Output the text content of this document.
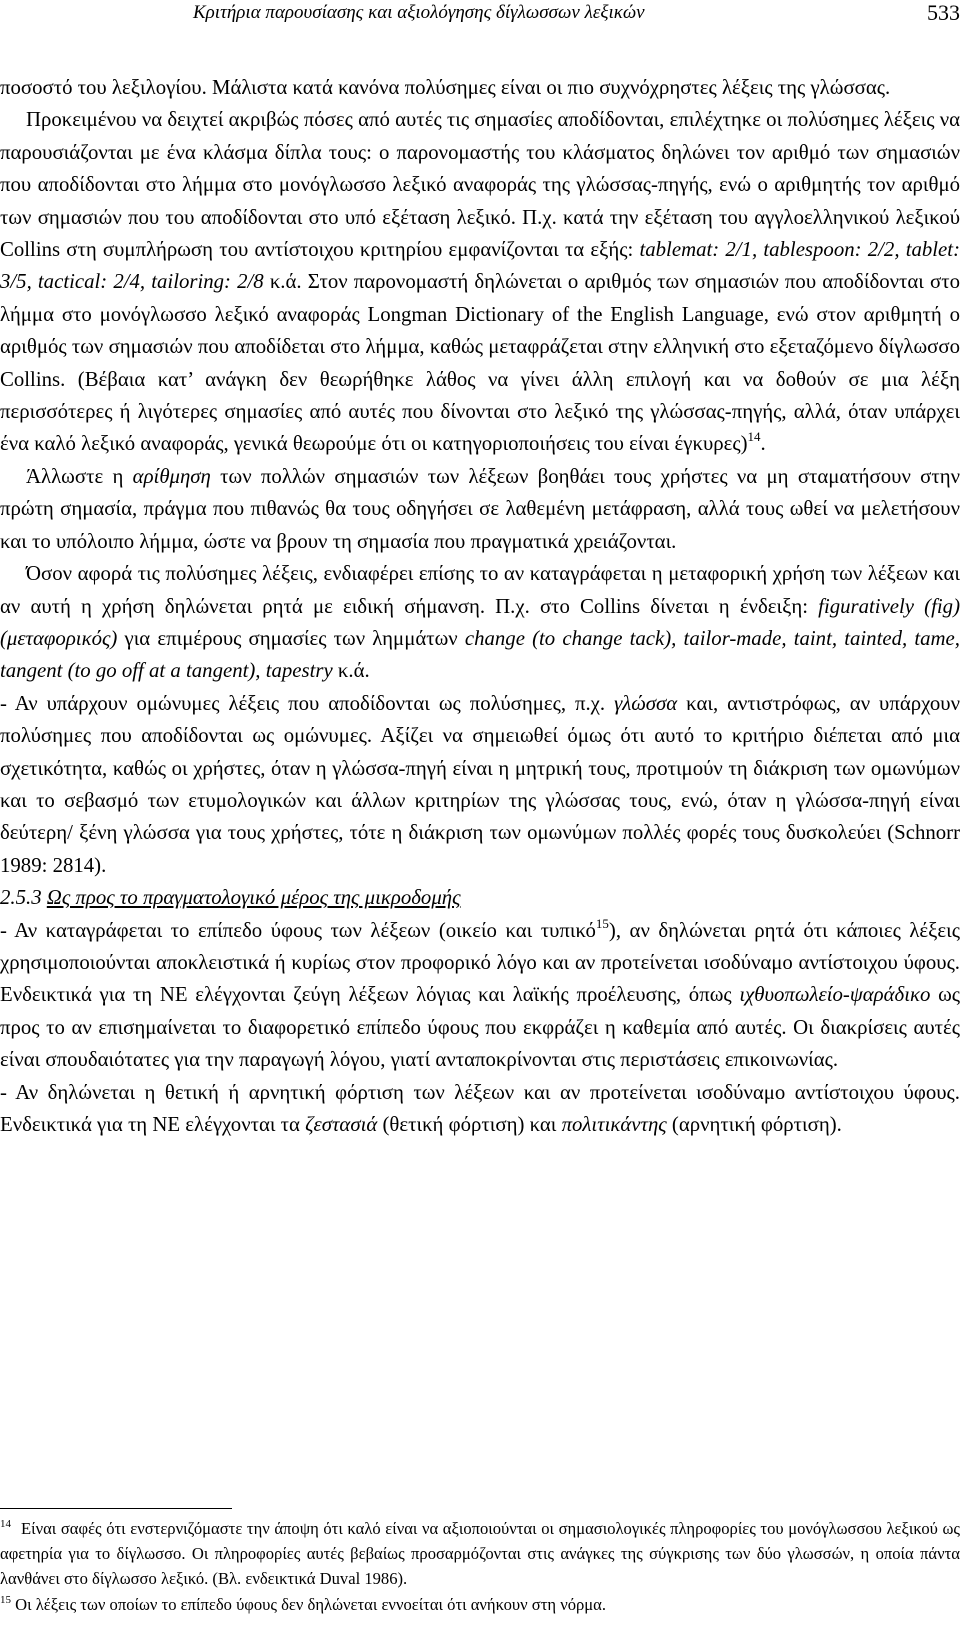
Κριτήρια παρουσίασης και αξιολόγησης δίγλωσσων λεξικών	533

ποσοστό του λεξιλογίου. Μάλιστα κατά κανόνα πολύσημες είναι οι πιο συχνόχρηστες λέξεις της γλώσσας.

Προκειμένου να δειχτεί ακριβώς πόσες από αυτές τις σημασίες αποδίδονται, επιλέχτηκε οι πολύσημες λέξεις να παρουσιάζονται με ένα κλάσμα δίπλα τους: ο παρονομαστής του κλάσματος δηλώνει τον αριθμό των σημασιών που αποδίδονται στο λήμμα στο μονόγλωσσο λεξικό αναφοράς της γλώσσας-πηγής, ενώ ο αριθμητής τον αριθμό των σημασιών που του αποδίδονται στο υπό εξέταση λεξικό. Π.χ. κατά την εξέταση του αγγλοελληνικού λεξικού Collins στη συμπλήρωση του αντίστοιχου κριτηρίου εμφανίζονται τα εξής: tablemat: 2/1, tablespoon: 2/2, tablet: 3/5, tactical: 2/4, tailoring: 2/8 κ.ά. Στον παρονομαστή δηλώνεται ο αριθμός των σημασιών που αποδίδονται στο λήμμα στο μονόγλωσσο λεξικό αναφοράς Longman Dictionary of the English Language, ενώ στον αριθμητή ο αριθμός των σημασιών που αποδίδεται στο λήμμα, καθώς μεταφράζεται στην ελληνική στο εξεταζόμενο δίγλωσσο Collins. (Βέβαια κατ’ ανάγκη δεν θεωρήθηκε λάθος να γίνει άλλη επιλογή και να δοθούν σε μια λέξη περισσότερες ή λιγότερες σημασίες από αυτές που δίνονται στο λεξικό της γλώσσας-πηγής, αλλά, όταν υπάρχει ένα καλό λεξικό αναφοράς, γενικά θεωρούμε ότι οι κατηγοριοποιήσεις του είναι έγκυρες)$^{14}$.

Άλλωστε η αρίθμηση των πολλών σημασιών των λέξεων βοηθάει τους χρήστες να μη σταματήσουν στην πρώτη σημασία, πράγμα που πιθανώς θα τους οδηγήσει σε λαθεμένη μετάφραση, αλλά τους ωθεί να μελετήσουν και το υπόλοιπο λήμμα, ώστε να βρουν τη σημασία που πραγματικά χρειάζονται.

Όσον αφορά τις πολύσημες λέξεις, ενδιαφέρει επίσης το αν καταγράφεται η μεταφορική χρήση των λέξεων και αν αυτή η χρήση δηλώνεται ρητά με ειδική σήμανση. Π.χ. στο Collins δίνεται η ένδειξη: figuratively (fig) (μεταφορικός) για επιμέρους σημασίες των λημμάτων change (to change tack), tailor-made, taint, tainted, tame, tangent (to go off at a tangent), tapestry κ.ά.

- Αν υπάρχουν ομώνυμες λέξεις που αποδίδονται ως πολύσημες, π.χ. γλώσσα και, αντιστρόφως, αν υπάρχουν πολύσημες που αποδίδονται ως ομώνυμες. Αξίζει να σημειωθεί όμως ότι αυτό το κριτήριο διέπεται από μια σχετικότητα, καθώς οι χρήστες, όταν η γλώσσα-πηγή είναι η μητρική τους, προτιμούν τη διάκριση των ομωνύμων και το σεβασμό των ετυμολογικών και άλλων κριτηρίων της γλώσσας τους, ενώ, όταν η γλώσσα-πηγή είναι δεύτερη/ ξένη γλώσσα για τους χρήστες, τότε η διάκριση των ομωνύμων πολλές φορές τους δυσκολεύει (Schnorr 1989: 2814).

2.5.3 Ως προς το πραγματολογικό μέρος της μικροδομής

- Αν καταγράφεται το επίπεδο ύφους των λέξεων (οικείο και τυπικό$^{15}$), αν δηλώνεται ρητά ότι κάποιες λέξεις χρησιμοποιούνται αποκλειστικά ή κυρίως στον προφορικό λόγο και αν προτείνεται ισοδύναμο αντίστοιχου ύφους. Ενδεικτικά για τη ΝΕ ελέγχονται ζεύγη λέξεων λόγιας και λαϊκής προέλευσης, όπως ιχθυοπωλείο-ψαράδικο ως προς το αν επισημαίνεται το διαφορετικό επίπεδο ύφους που εκφράζει η καθεμία από αυτές. Οι διακρίσεις αυτές είναι σπουδαιότατες για την παραγωγή λόγου, γιατί ανταποκρίνονται στις περιστάσεις επικοινωνίας.

- Αν δηλώνεται η θετική ή αρνητική φόρτιση των λέξεων και αν προτείνεται ισοδύναμο αντίστοιχου ύφους. Ενδεικτικά για τη ΝΕ ελέγχονται τα ζεστασιά (θετική φόρτιση) και πολιτικάντης (αρνητική φόρτιση).

$^{14}$ Είναι σαφές ότι ενστερνιζόμαστε την άποψη ότι καλό είναι να αξιοποιούνται οι σημασιολογικές πληροφορίες του μονόγλωσσου λεξικού ως αφετηρία για το δίγλωσσο. Οι πληροφορίες αυτές βεβαίως προσαρμόζονται στις ανάγκες της σύγκρισης των δύο γλωσσών, η οποία πάντα λανθάνει στο δίγλωσσο λεξικό. (Βλ. ενδεικτικά Duval 1986).

$^{15}$ Οι λέξεις των οποίων το επίπεδο ύφους δεν δηλώνεται εννοείται ότι ανήκουν στη νόρμα.
